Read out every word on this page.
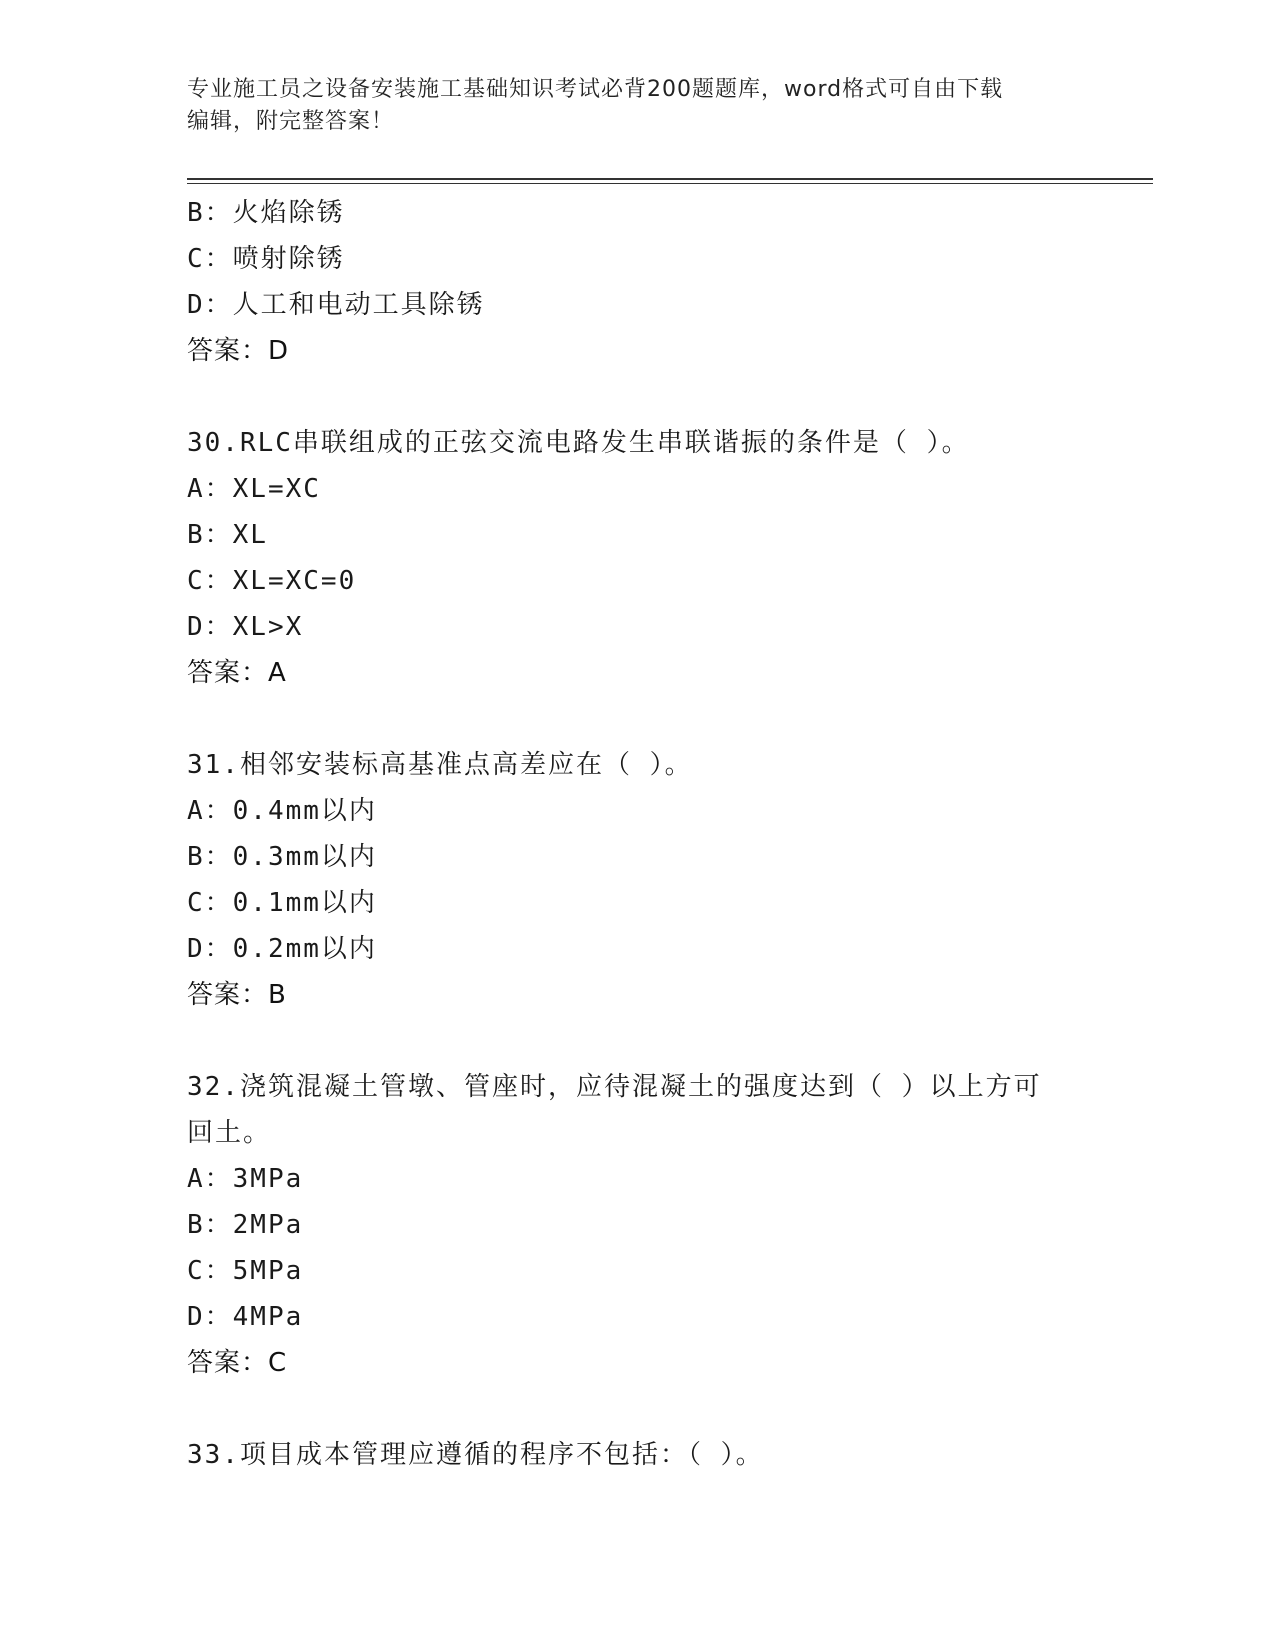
专业施工员之设备安装施工基础知识考试必背200题题库，word格式可自由下载
编辑，附完整答案！
B：火焰除锈
C：喷射除锈
D：人工和电动工具除锈
答案：D
30.RLC串联组成的正弦交流电路发生串联谐振的条件是（ ）。
A：XL=XC
B：XL
C：XL=XC=0
D：XL>X
答案：A
31.相邻安装标高基准点高差应在（ ）。
A：0.4mm以内
B：0.3mm以内
C：0.1mm以内
D：0.2mm以内
答案：B
32.浇筑混凝土管墩、管座时，应待混凝土的强度达到（ ）以上方可
回土。
A：3MPa
B：2MPa
C：5MPa
D：4MPa
答案：C
33.项目成本管理应遵循的程序不包括：（ ）。
